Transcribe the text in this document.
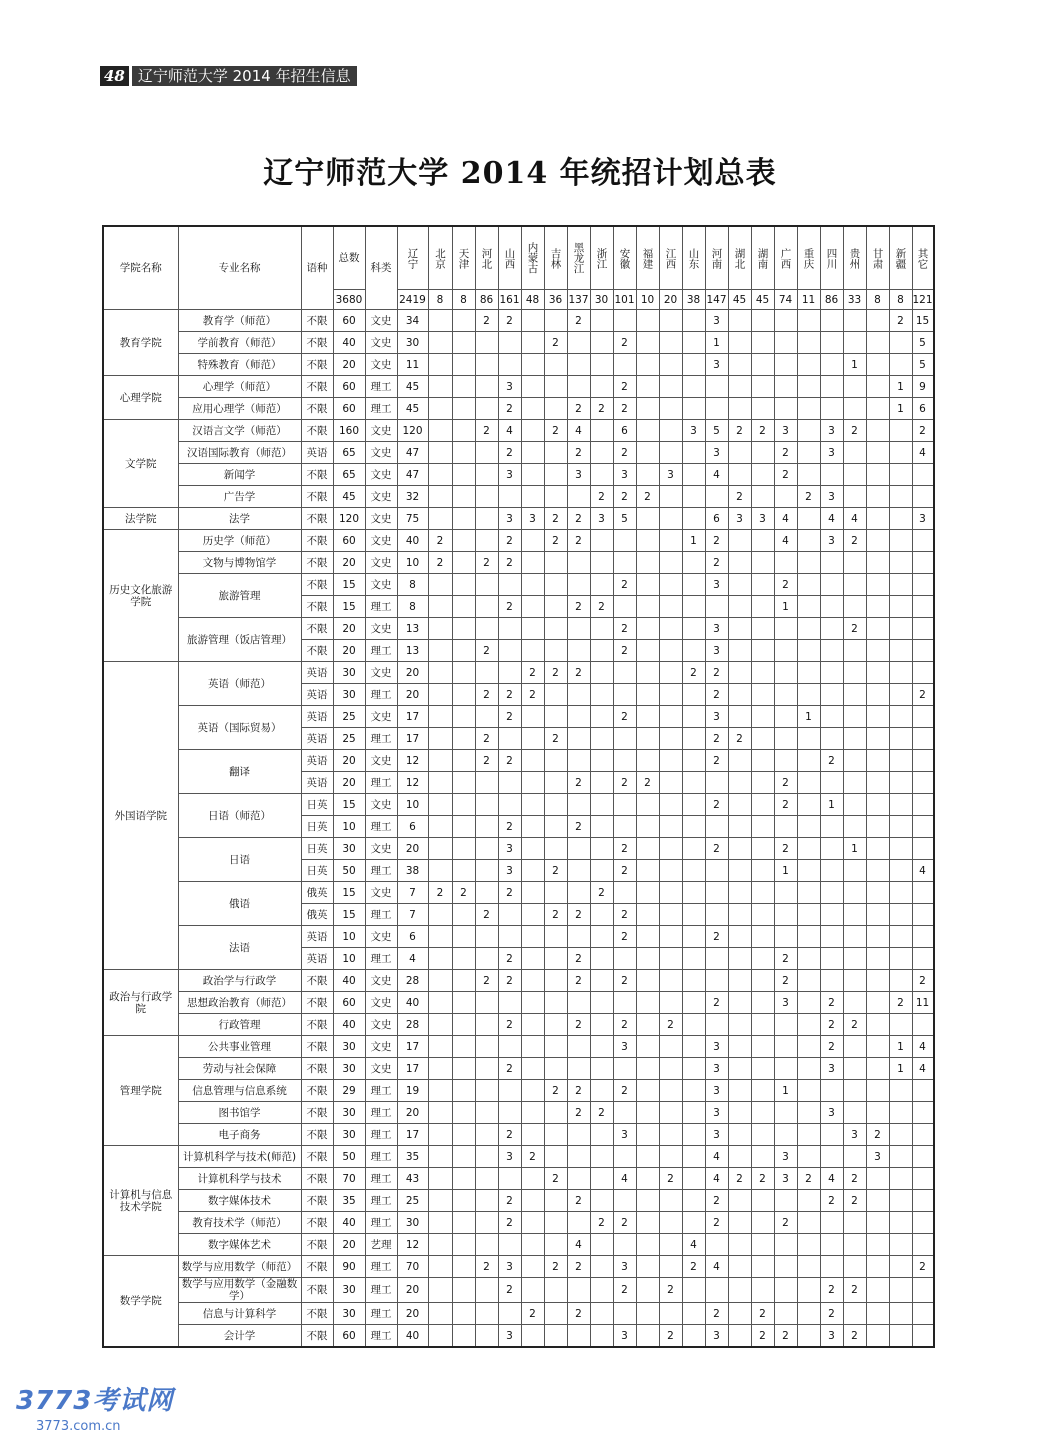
48 辽宁师范大学 2014 年招生信息
辽宁师范大学 2014 年统招计划总表
学院名称	专业名称	语种	总数	科类	辽宁	北京	天津	河北	山西	内蒙古	吉林	黑龙江	浙江	安徽	福建	江西	山东	河南	湖北	湖南	广西	重庆	四川	贵州	甘肃	新疆	其它

			3680		2419	8	8	86	161	48	36	137	30	101	10	20	38	147	45	45	74	11	86	33	8	8	121
教育学院	教育学（师范）	不限	60	文史	34			2	2			2						3								2	15
	学前教育（师范）	不限	40	文史	30						2			2				1									5
	特殊教育（师范）	不限	20	文史	11													3						1			5
心理学院	心理学（师范）	不限	60	理工	45				3					2												1	9
	应用心理学（师范）	不限	60	理工	45				2			2	2	2												1	6
文学院	汉语言文学（师范）	不限	160	文史	120			2	4		2	4		6			3	5	2	2	3		3	2			2
	汉语国际教育（师范）	英语	65	文史	47				2			2		2				3			2		3				4
	新闻学	不限	65	文史	47				3			3		3		3		4			2						
	广告学	不限	45	文史	32								2	2	2				2			2	3				
法学院	法学	不限	120	文史	75				3	3	2	2	3	5				6	3	3	4		4	4			3
历史文化旅游学院	历史学（师范）	不限	60	文史	40	2			2		2	2					1	2			4		3	2			
	文物与博物馆学	不限	20	文史	10	2		2	2									2									
	旅游管理	不限	15	文史	8									2				3			2						
		不限	15	理工	8				2			2	2								1						
	旅游管理（饭店管理）	不限	20	文史	13									2				3						2			
		不限	20	理工	13			2						2				3									
外国语学院	英语（师范）	英语	30	文史	20					2	2	2					2	2									
		英语	30	理工	20			2	2	2								2									2
	英语（国际贸易）	英语	25	文史	17				2					2				3				1					
		英语	25	理工	17			2			2							2	2								
	翻译	英语	20	文史	12			2	2									2					2				
		英语	20	理工	12							2		2	2						2						
	日语（师范）	日英	15	文史	10													2			2		1				
		日英	10	理工	6				2			2															
	日语	日英	30	文史	20				3					2				2			2			1			
		日英	50	理工	38				3		2			2							1						4
	俄语	俄英	15	文史	7	2	2		2				2														
		俄英	15	理工	7			2			2	2		2													
	法语	英语	10	文史	6									2				2									
		英语	10	理工	4				2			2									2						
政治与行政学院	政治学与行政学	不限	40	文史	28			2	2			2		2							2						2
	思想政治教育（师范）	不限	60	文史	40													2			3		2			2	11
	行政管理	不限	40	文史	28				2			2		2		2							2	2			
管理学院	公共事业管理	不限	30	文史	17									3				3					2			1	4
	劳动与社会保障	不限	30	文史	17				2									3					3			1	4
	信息管理与信息系统	不限	29	理工	19						2	2		2				3			1						
	图书馆学	不限	30	理工	20							2	2					3					3				
	电子商务	不限	30	理工	17				2					3				3						3	2		
计算机与信息技术学院	计算机科学与技术(师范)	不限	50	理工	35				3	2								4			3				3		
	计算机科学与技术	不限	70	理工	43						2			4		2		4	2	2	3	2	4	2			
	数字媒体技术	不限	35	理工	25				2			2						2					2	2			
	教育技术学（师范）	不限	40	理工	30				2				2	2				2			2						
	数字媒体艺术	不限	20	艺理	12							4					4										
数学学院	数学与应用数学（师范）	不限	90	理工	70			2	3		2	2		3			2	4									2
	数学与应用数学（金融数学）	不限	30	理工	20				2					2		2							2	2			
	信息与计算科学	不限	30	理工	20					2		2						2		2			2				
	会计学	不限	60	理工	40				3					3		2		3		2	2		3	2			
3773考试网
3773.com.cn
